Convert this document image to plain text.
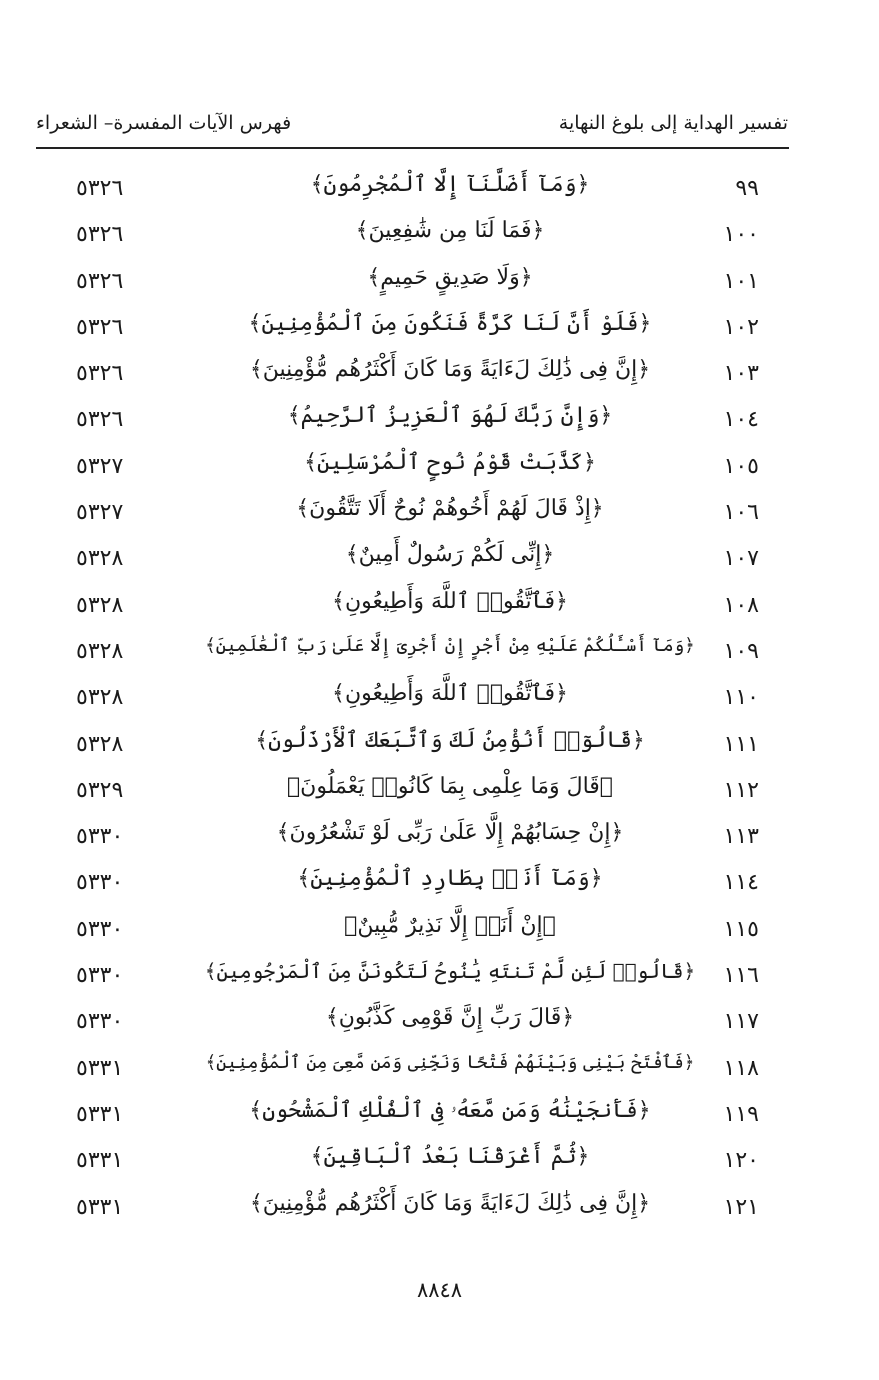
تفسير الهداية إلى بلوغ النهاية
فهرس الآيات المفسرة– الشعراء
٩٩
﴿وَمَآ أَضَلَّنَآ إِلَّا ٱلْمُجْرِمُونَ﴾
٥٣٢٦
١٠٠
﴿فَمَا لَنَا مِن شَٰفِعِينَ﴾
٥٣٢٦
١٠١
﴿وَلَا صَدِيقٍ حَمِيمٍ﴾
٥٣٢٦
١٠٢
﴿فَلَوْ أَنَّ لَنَا كَرَّةً فَنَكُونَ مِنَ ٱلْمُؤْمِنِينَ﴾
٥٣٢٦
١٠٣
﴿إِنَّ فِى ذَٰلِكَ لَءَايَةً وَمَا كَانَ أَكْثَرُهُم مُّؤْمِنِينَ﴾
٥٣٢٦
١٠٤
﴿وَإِنَّ رَبَّكَ لَهُوَ ٱلْعَزِيزُ ٱلرَّحِيمُ﴾
٥٣٢٦
١٠٥
﴿كَذَّبَتْ قَوْمُ نُوحٍ ٱلْمُرْسَلِينَ﴾
٥٣٢٧
١٠٦
﴿إِذْ قَالَ لَهُمْ أَخُوهُمْ نُوحٌ أَلَا تَتَّقُونَ﴾
٥٣٢٧
١٠٧
﴿إِنِّى لَكُمْ رَسُولٌ أَمِينٌ﴾
٥٣٢٨
١٠٨
﴿فَٱتَّقُوا۟ ٱللَّهَ وَأَطِيعُونِ﴾
٥٣٢٨
١٠٩
﴿وَمَآ أَسْـَٔلُكُمْ عَلَيْهِ مِنْ أَجْرٍ إِنْ أَجْرِىَ إِلَّا عَلَىٰ رَبِّ ٱلْعَٰلَمِينَ﴾
٥٣٢٨
١١٠
﴿فَٱتَّقُوا۟ ٱللَّهَ وَأَطِيعُونِ﴾
٥٣٢٨
١١١
﴿قَالُوٓا۟ أَنُؤْمِنُ لَكَ وَٱتَّبَعَكَ ٱلْأَرْذَلُونَ﴾
٥٣٢٨
١١٢
﴿قَالَ وَمَا عِلْمِى بِمَا كَانُوا۟ يَعْمَلُونَ﴾
٥٣٢٩
١١٣
﴿إِنْ حِسَابُهُمْ إِلَّا عَلَىٰ رَبِّى لَوْ تَشْعُرُونَ﴾
٥٣٣٠
١١٤
﴿وَمَآ أَنَا۠ بِطَارِدِ ٱلْمُؤْمِنِينَ﴾
٥٣٣٠
١١٥
﴿إِنْ أَنَا۠ إِلَّا نَذِيرٌ مُّبِينٌ﴾
٥٣٣٠
١١٦
﴿قَالُوا۟ لَئِن لَّمْ تَنتَهِ يَٰنُوحُ لَتَكُونَنَّ مِنَ ٱلْمَرْجُومِينَ﴾
٥٣٣٠
١١٧
﴿قَالَ رَبِّ إِنَّ قَوْمِى كَذَّبُونِ﴾
٥٣٣٠
١١٨
﴿فَٱفْتَحْ بَيْنِى وَبَيْنَهُمْ فَتْحًا وَنَجِّنِى وَمَن مَّعِىَ مِنَ ٱلْمُؤْمِنِينَ﴾
٥٣٣١
١١٩
﴿فَأَنجَيْنَٰهُ وَمَن مَّعَهُۥ فِى ٱلْفُلْكِ ٱلْمَشْحُونِ﴾
٥٣٣١
١٢٠
﴿ثُمَّ أَغْرَقْنَا بَعْدُ ٱلْبَاقِينَ﴾
٥٣٣١
١٢١
﴿إِنَّ فِى ذَٰلِكَ لَءَايَةً وَمَا كَانَ أَكْثَرُهُم مُّؤْمِنِينَ﴾
٥٣٣١
٨٨٤٨
